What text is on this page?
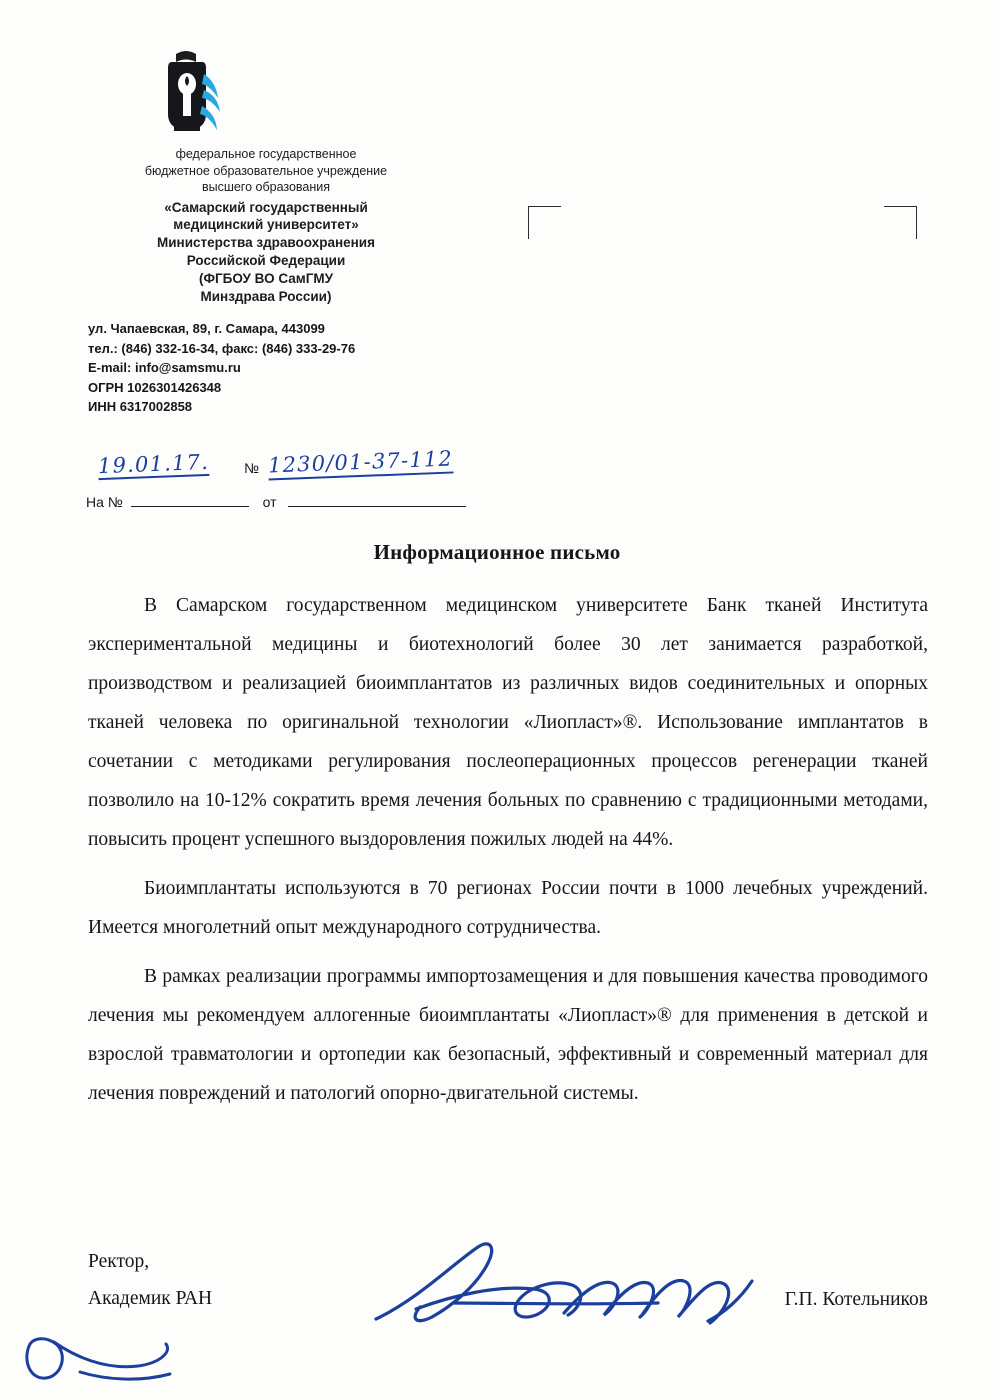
федеральное государственное
бюджетное образовательное учреждение
высшего образования
«Самарский государственный
медицинский университет»
Министерства здравоохранения
Российской Федерации
(ФГБОУ ВО СамГМУ
Минздрава России)
ул. Чапаевская, 89, г. Самара, 443099
тел.: (846) 332-16-34, факс: (846) 333-29-76
E-mail: info@samsmu.ru
ОГРН 1026301426348
ИНН 6317002858
19.01.17. № 1230/01-37-112
На №	от
Информационное письмо

В Самарском государственном медицинском университете Банк тканей Института экспериментальной медицины и биотехнологий более 30 лет занимается разработкой, производством и реализацией биоимплантатов из различных видов соединительных и опорных тканей человека по оригинальной технологии «Лиопласт»®. Использование имплантатов в сочетании с методиками регулирования послеоперационных процессов регенерации тканей позволило на 10-12% сократить время лечения больных по сравнению с традиционными методами, повысить процент успешного выздоровления пожилых людей на 44%.

Биоимплантаты используются в 70 регионах России почти в 1000 лечебных учреждений. Имеется многолетний опыт международного сотрудничества.

В рамках реализации программы импортозамещения и для повышения качества проводимого лечения мы рекомендуем аллогенные биоимплантаты «Лиопласт»® для применения в детской и взрослой травматологии и ортопедии как безопасный, эффективный и современный материал для лечения повреждений и патологий опорно-двигательной системы.

Ректор,
Академик РАН	Г.П. Котельников
